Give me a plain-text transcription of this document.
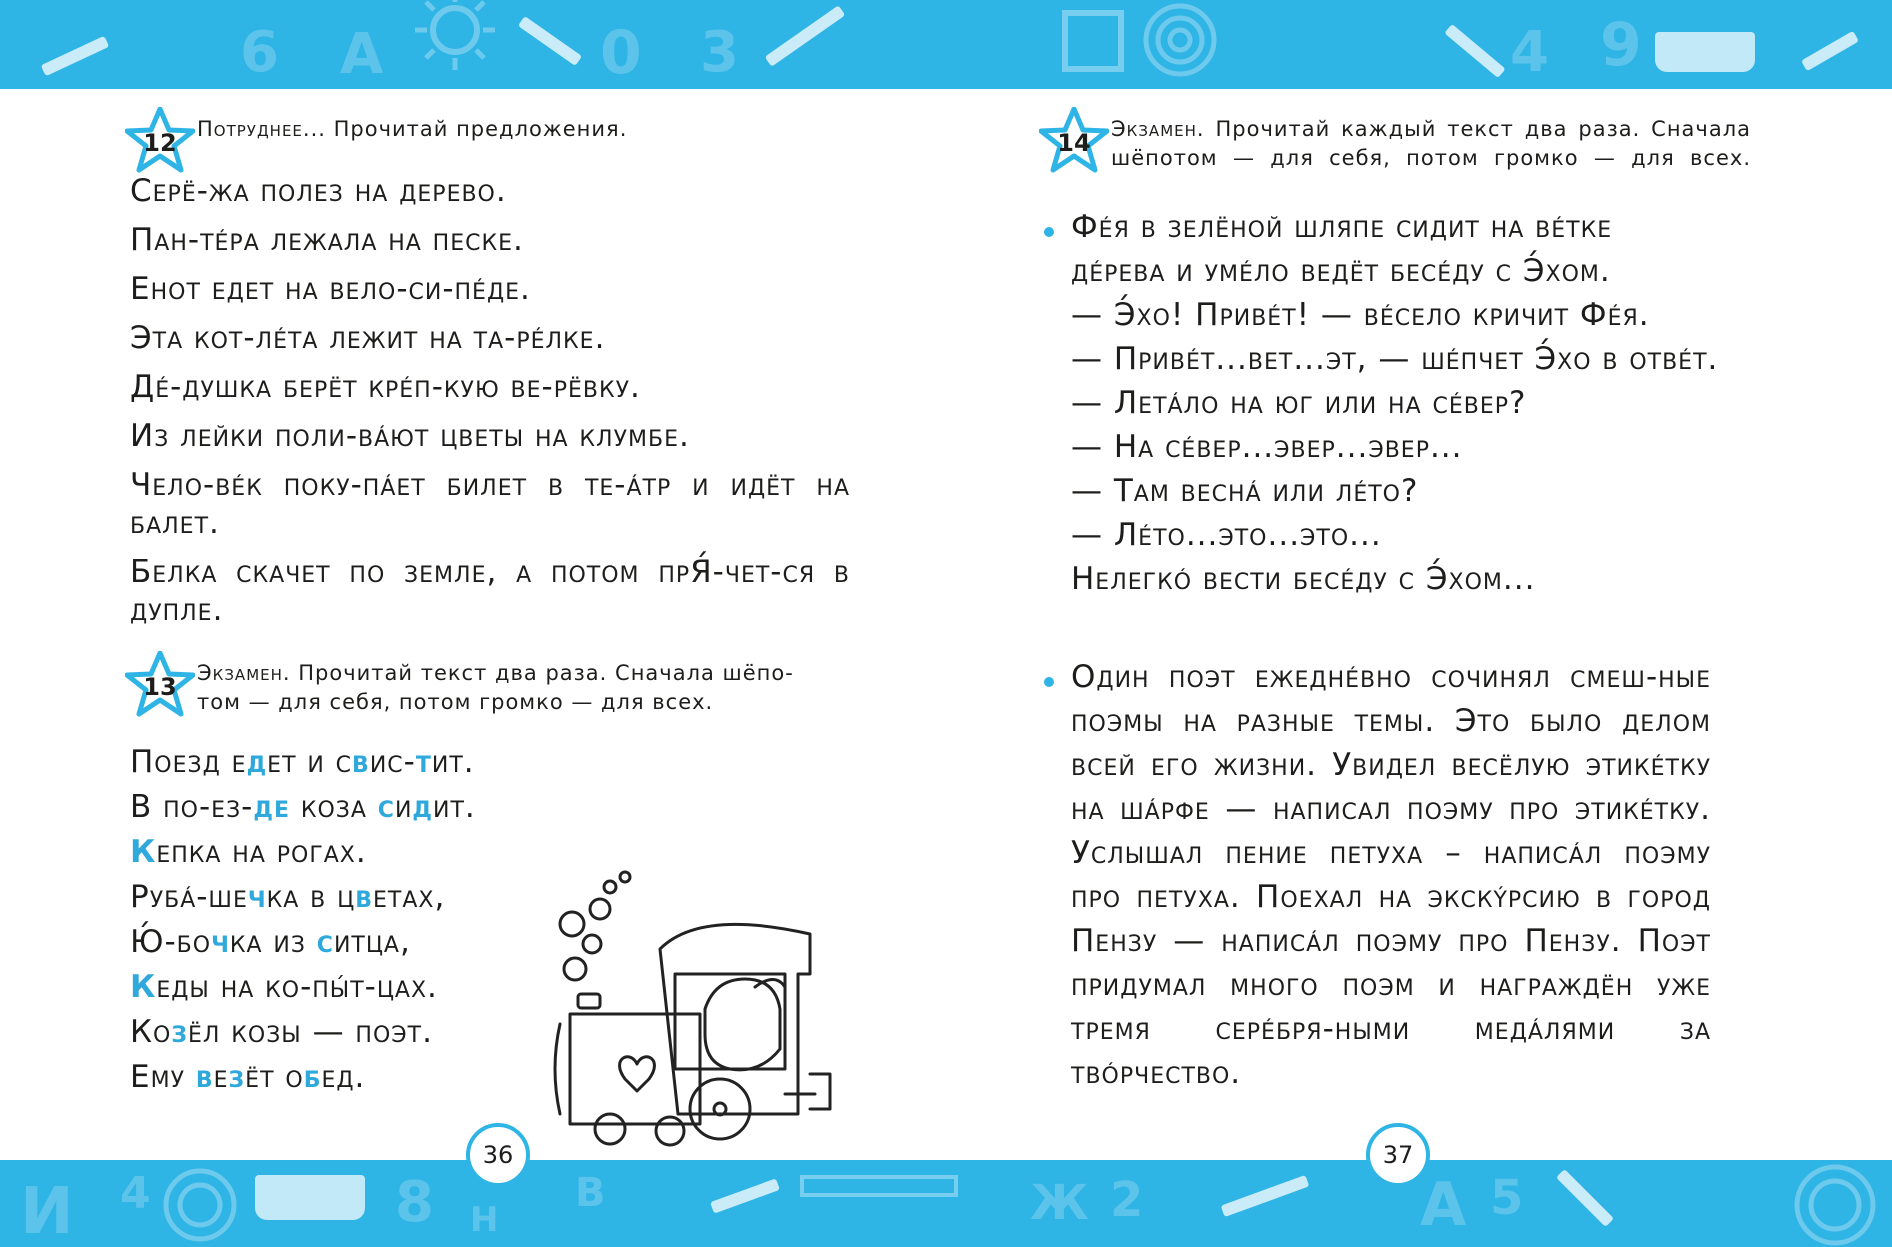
6 A	0 3	4 9
И 4	8 Н
В	Ж 2	A 5
12 Потруднее... Прочитай предложения.
Серё-жа полез на дерево.
Пан-тéра лежала на песке.
Енот едет на вело-си-пéде.
Эта кот-лéта лежит на та-рéлке.
Дé-душка берёт крéп-кую ве-рёвку.
Из лейки поли-вáют цветы на клумбе.
Чело-вéк поку-пáет билет в те-áтр и идёт на балет.
Белка скачет по земле, а потом прЯ́-чет-ся в дупле.
13 Экзамен. Прочитай текст два раза. Сначала шёпо-
том — для себя, потом громко — для всех.
Поезд едет и свис-тит.
В по-ез-де коза сидит.
Кепка на рогах.
Рубá-шечка в цветах,
Ю́-бочка из ситца,
Кеды на ко-пы́т-цах.
Козёл козы — поэт.
Ему везёт обед.
36
14 Экзамен. Прочитай каждый текст два раза. Сначала
шёпотом — для себя, потом громко — для всех.
Фéя в зелёной шляпе сидит на вéтке
дéрева и умéло ведёт бесéду с Э́хом.
— Э́хо! Привéт! — вéсело кричит Фéя.
— Привéт...вет...эт, — шéпчет Э́хо в отвéт.
— Летáло на юг или на сéвер?
— На сéвер...эвер...эвер...
— Там веснá или лéто?
— Лéто...это...это...
Нелегкó вести бесéду с Э́хом...
Один поэт ежеднéвно сочинял смеш-ные поэмы на разные темы. Это было делом всей его жизни. Увидел весёлую этикéтку на шáрфе — написал поэму про этикéтку. Услышал пение петуха – написáл поэму про петуха. Поехал на экскýрсию в город Пензу — написáл поэму про Пензу. Поэт придумал много поэм и награждён уже тремя серéбря-ными медáлями за твóрчество.
37
